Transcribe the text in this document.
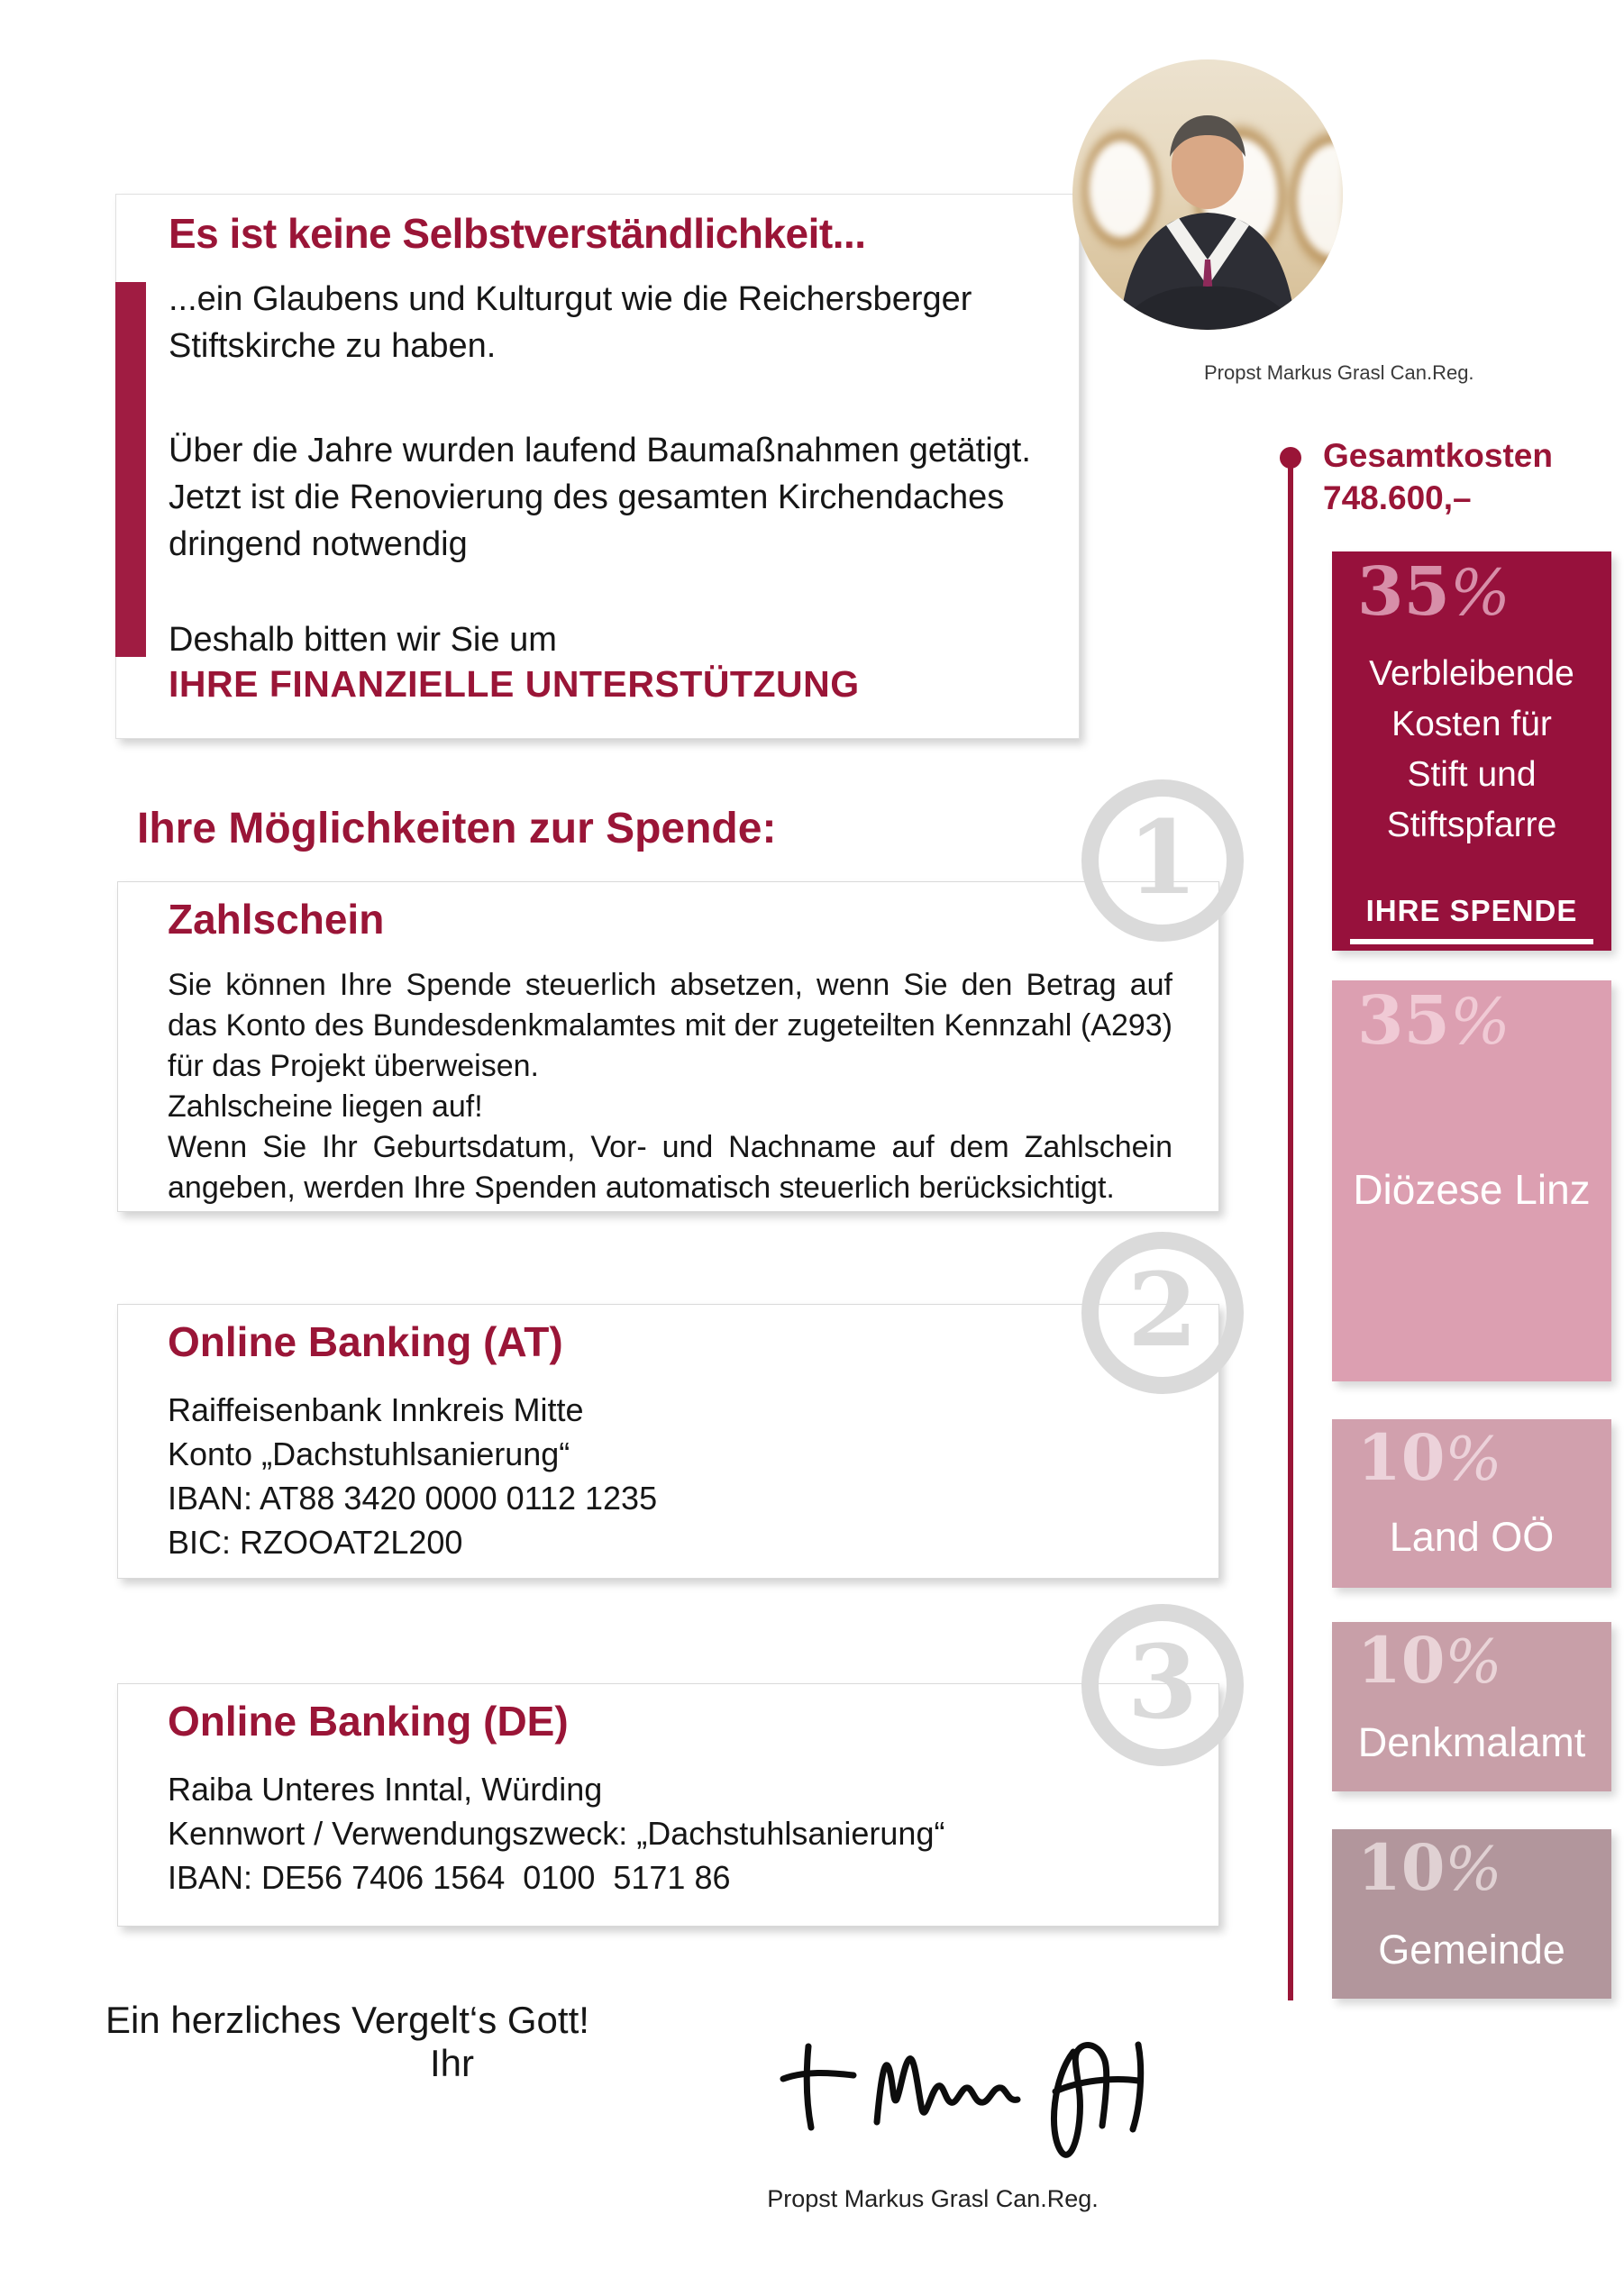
Es ist keine Selbstverständlichkeit...

...ein Glaubens und Kulturgut wie die Reichersberger Stiftskirche zu haben.

Über die Jahre wurden laufend Baumaßnahmen getätigt. Jetzt ist die Renovierung des gesamten Kirchendaches dringend notwendig

Deshalb bitten wir Sie um

IHRE FINANZIELLE UNTERSTÜTZUNG

Propst Markus Grasl Can.Reg.
Gesamtkosten
748.600,–
35%
Verbleibende Kosten für Stift und Stiftspfarre
IHRE SPENDE
35%
Diözese Linz
10%
Land OÖ
10%
Denkmalamt
10%
Gemeinde
Ihre Möglichkeiten zur Spende:
Zahlschein

Sie können Ihre Spende steuerlich absetzen, wenn Sie den Betrag auf das Konto des Bundesdenkmalamtes mit der zugeteilten Kennzahl (A293) für das Projekt überweisen.

Zahlscheine liegen auf!

Wenn Sie Ihr Geburtsdatum, Vor- und Nachname auf dem Zahlschein angeben, werden Ihre Spenden automatisch steuerlich berücksichtigt.

Online Banking (AT)
Raiffeisenbank Innkreis Mitte
Konto „Dachstuhlsanierung“
IBAN: AT88 3420 0000 0112 1235
BIC: RZOOAT2L200
Online Banking (DE)
Raiba Unteres Inntal, Würding
Kennwort / Verwendungszweck: „Dachstuhlsanierung“
IBAN: DE56 7406 1564  0100  5171 86
1
2
3
Ein herzliches Vergelt‘s Gott!
Ihr
Propst Markus Grasl Can.Reg.
